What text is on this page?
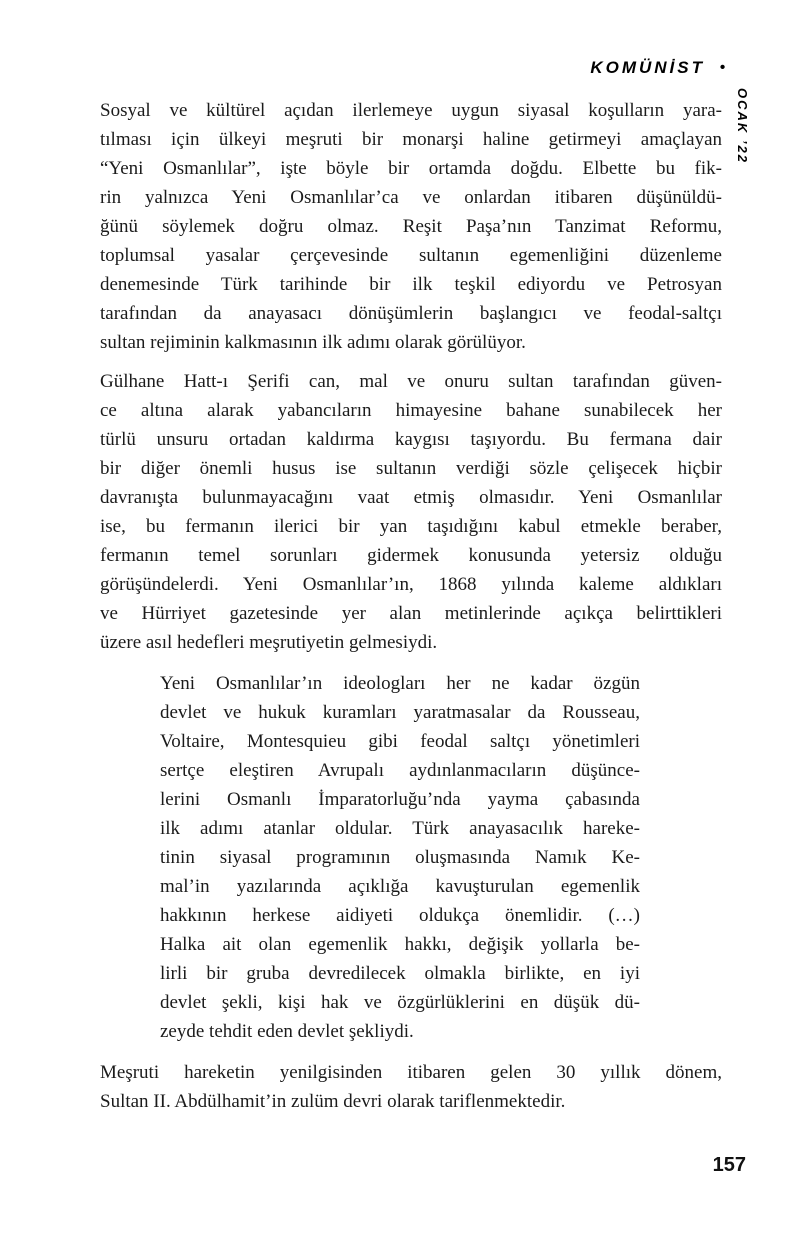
KOMÜNİST •
OCAK ’22

Sosyal ve kültürel açıdan ilerlemeye uygun siyasal koşulların yara-
tılması için ülkeyi meşruti bir monarşi haline getirmeyi amaçlayan
“Yeni Osmanlılar”, işte böyle bir ortamda doğdu. Elbette bu fik-
rin yalnızca Yeni Osmanlılar’ca ve onlardan itibaren düşünüldü-
ğünü söylemek doğru olmaz. Reşit Paşa’nın Tanzimat Reformu,
toplumsal yasalar çerçevesinde sultanın egemenliğini düzenleme
denemesinde Türk tarihinde bir ilk teşkil ediyordu ve Petrosyan
tarafından da anayasacı dönüşümlerin başlangıcı ve feodal-saltçı
sultan rejiminin kalkmasının ilk adımı olarak görülüyor.

Gülhane Hatt-ı Şerifi can, mal ve onuru sultan tarafından güven-
ce altına alarak yabancıların himayesine bahane sunabilecek her
türlü unsuru ortadan kaldırma kaygısı taşıyordu. Bu fermana dair
bir diğer önemli husus ise sultanın verdiği sözle çelişecek hiçbir
davranışta bulunmayacağını vaat etmiş olmasıdır. Yeni Osmanlılar
ise, bu fermanın ilerici bir yan taşıdığını kabul etmekle beraber,
fermanın temel sorunları gidermek konusunda yetersiz olduğu
görüşündelerdi. Yeni Osmanlılar’ın, 1868 yılında kaleme aldıkları
ve Hürriyet gazetesinde yer alan metinlerinde açıkça belirttikleri
üzere asıl hedefleri meşrutiyetin gelmesiydi.

Yeni Osmanlılar’ın ideologları her ne kadar özgün
devlet ve hukuk kuramları yaratmasalar da Rousseau,
Voltaire, Montesquieu gibi feodal saltçı yönetimleri
sertçe eleştiren Avrupalı aydınlanmacıların düşünce-
lerini Osmanlı İmparatorluğu’nda yayma çabasında
ilk adımı atanlar oldular. Türk anayasacılık hareke-
tinin siyasal programının oluşmasında Namık Ke-
mal’in yazılarında açıklığa kavuşturulan egemenlik
hakkının herkese aidiyeti oldukça önemlidir. (…)
Halka ait olan egemenlik hakkı, değişik yollarla be-
lirli bir gruba devredilecek olmakla birlikte, en iyi
devlet şekli, kişi hak ve özgürlüklerini en düşük dü-
zeyde tehdit eden devlet şekliydi.

Meşruti hareketin yenilgisinden itibaren gelen 30 yıllık dönem,
Sultan II. Abdülhamit’in zulüm devri olarak tariflenmektedir.

157
